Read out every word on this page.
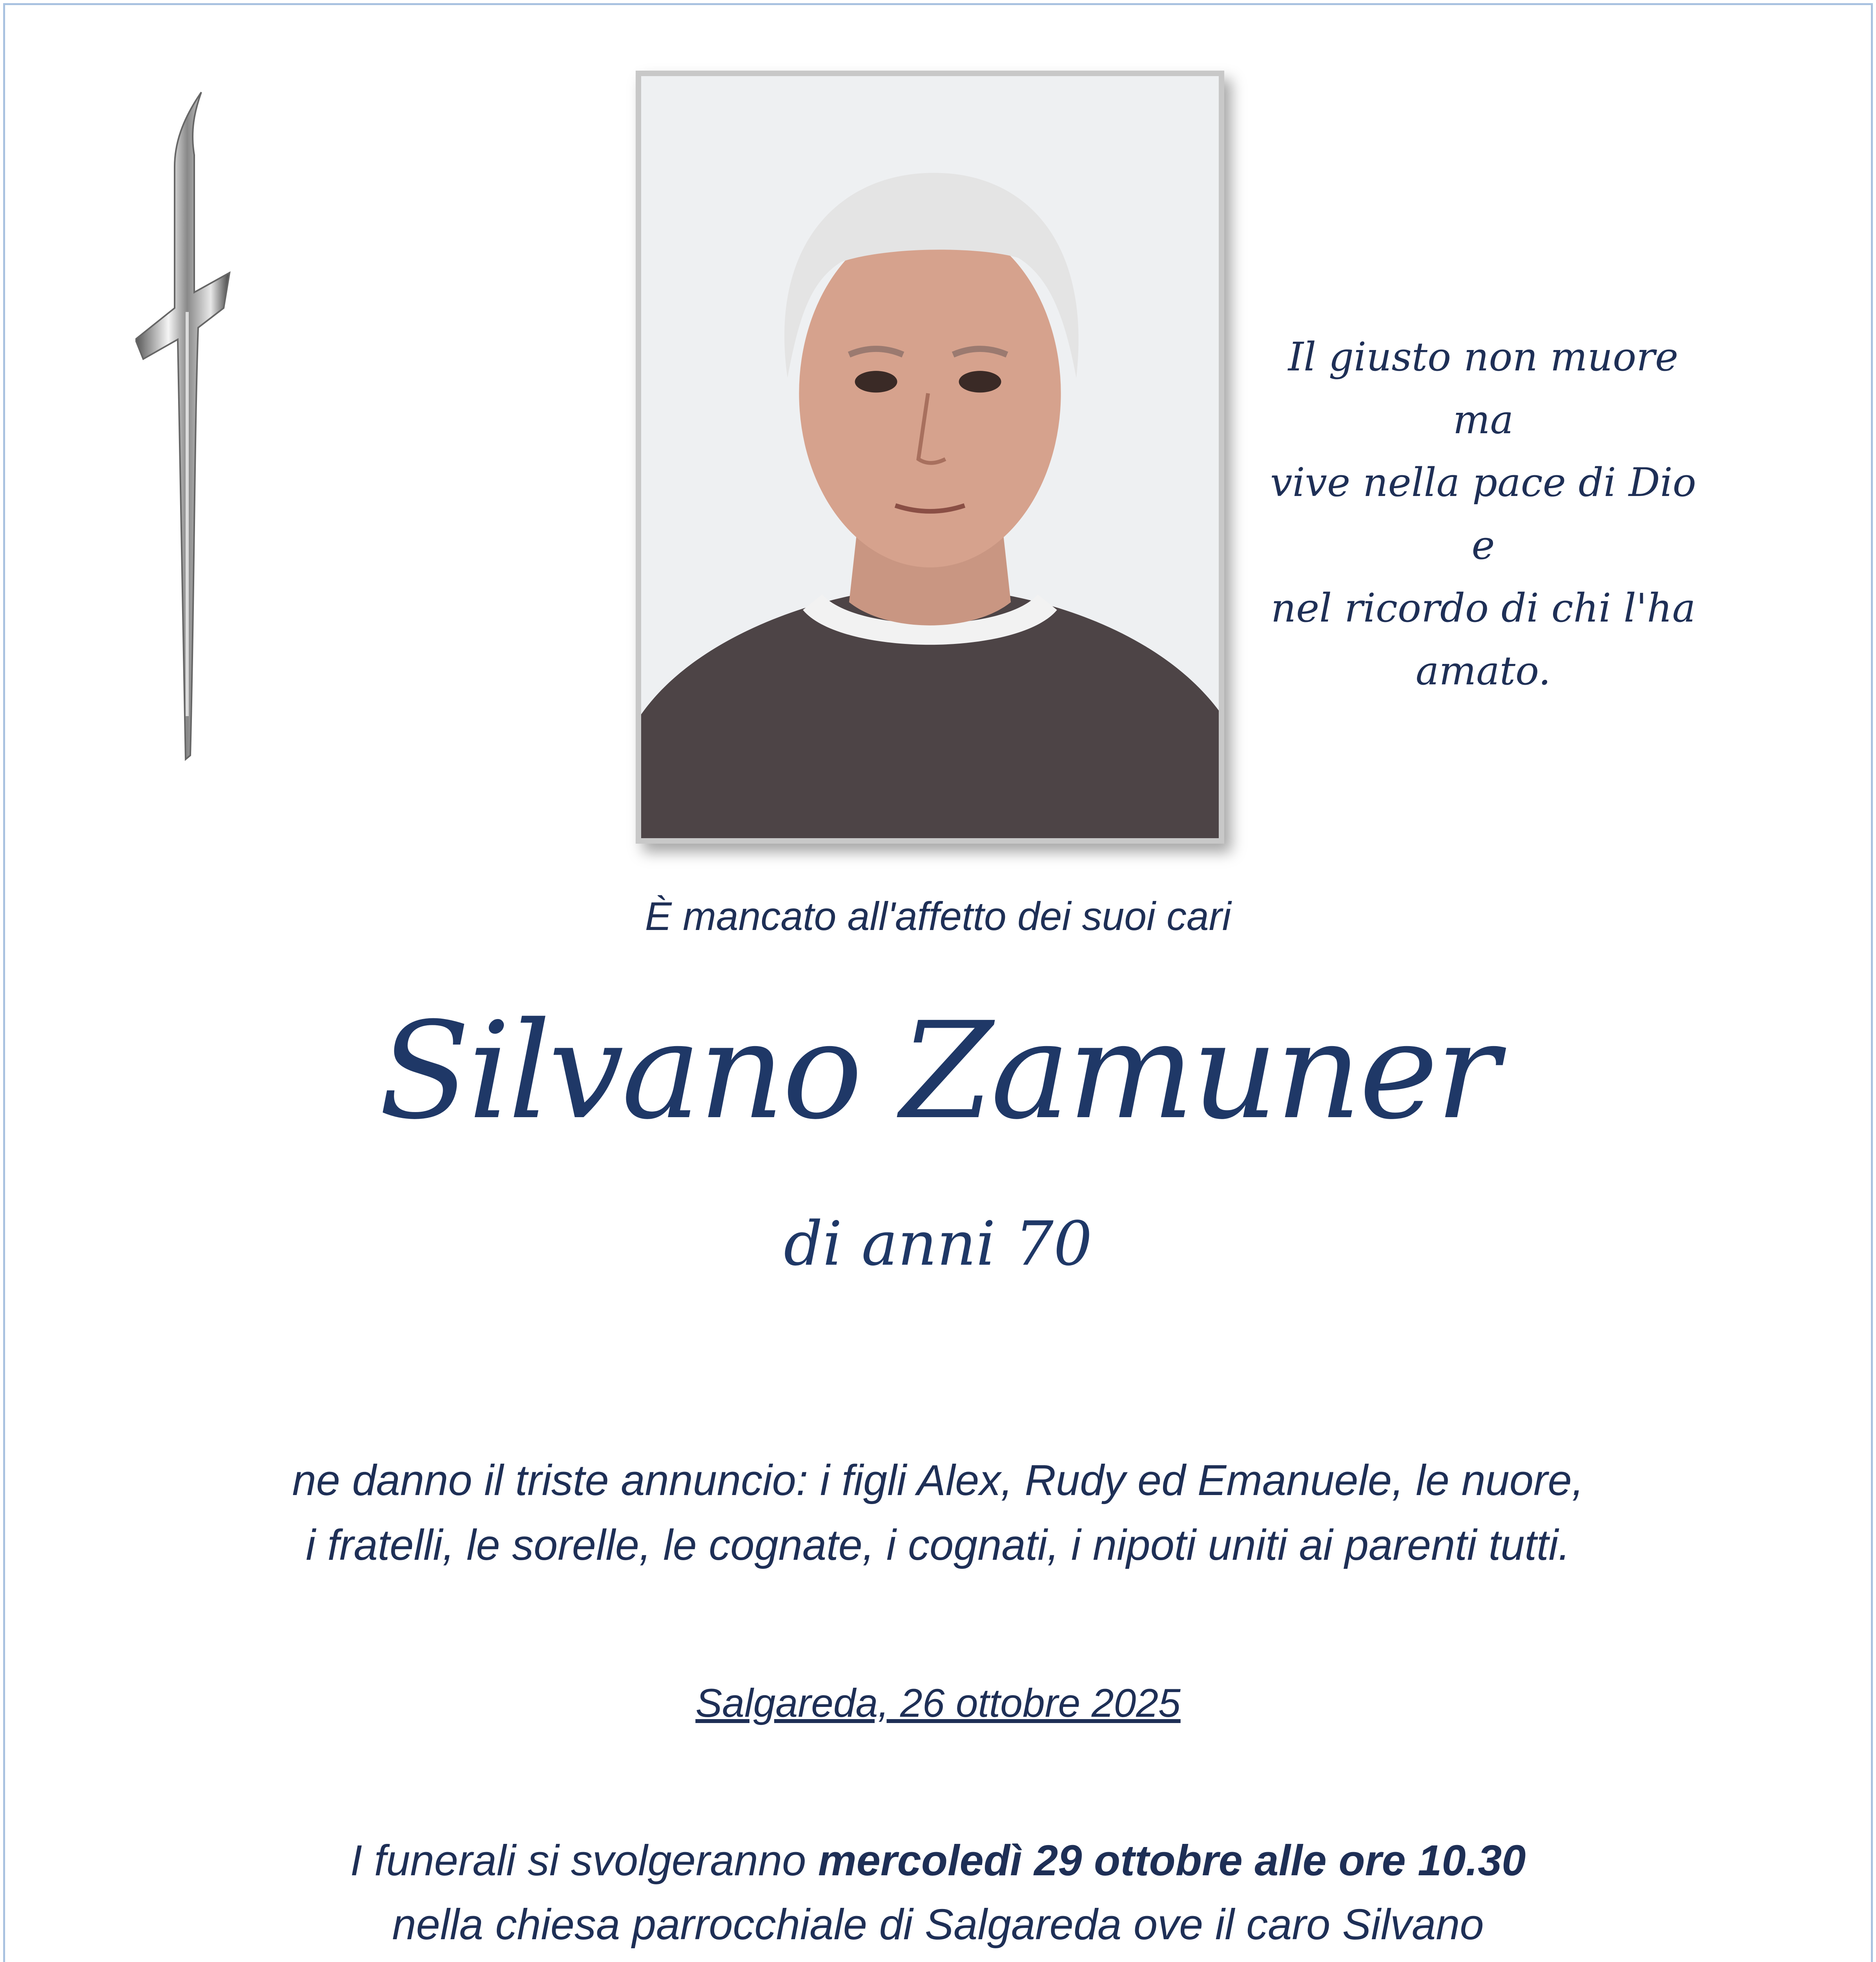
Il giusto non muore ma
vive nella pace di Dio e
nel ricordo di chi l'ha
amato.
È mancato all'affetto dei suoi cari
Silvano Zamuner
di anni 70
ne danno il triste annuncio: i figli Alex, Rudy ed Emanuele, le nuore,
i fratelli, le sorelle, le cognate, i cognati, i nipoti uniti ai parenti tutti.
Salgareda, 26 ottobre 2025
I funerali si svolgeranno mercoledì 29 ottobre alle ore 10.30
nella chiesa parrocchiale di Salgareda ove il caro Silvano
